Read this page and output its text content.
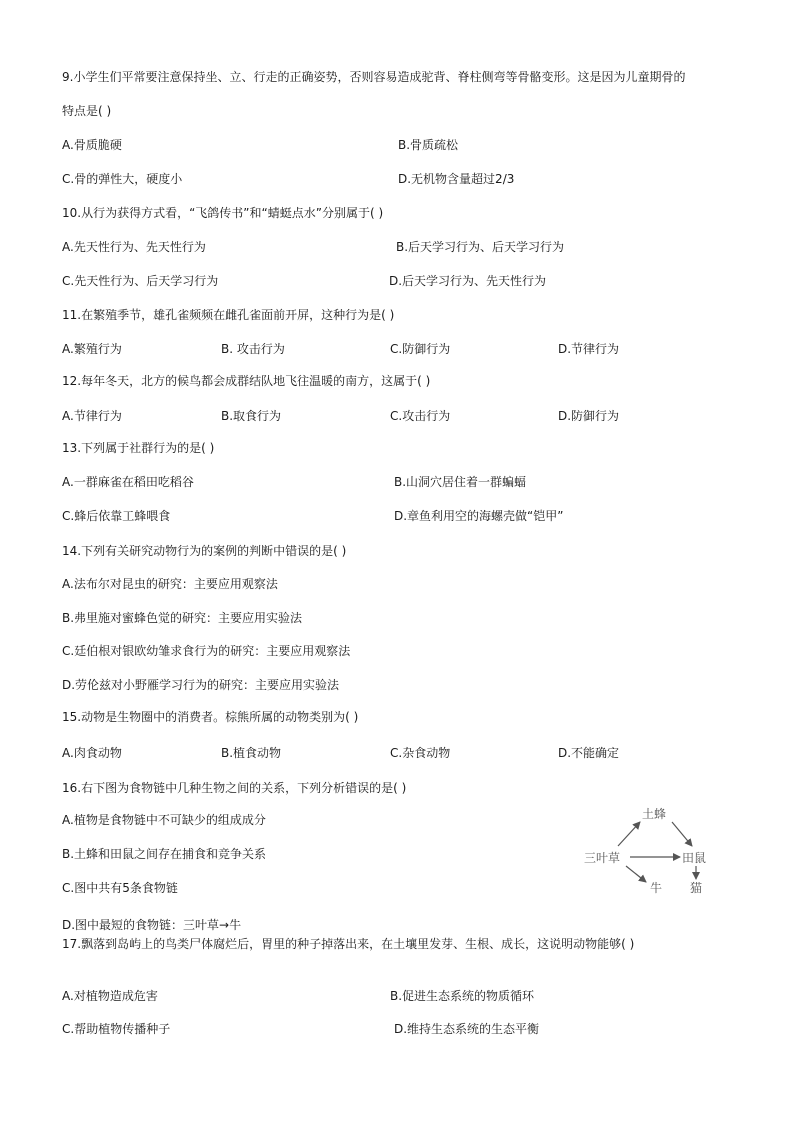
9.小学生们平常要注意保持坐、立、行走的正确姿势，否则容易造成驼背、脊柱侧弯等骨骼变形。这是因为儿童期骨的
特点是( )
A.骨质脆硬	B.骨质疏松
C.骨的弹性大，硬度小	D.无机物含量超过2/3
10.从行为获得方式看，“飞鸽传书”和“蜻蜓点水”分别属于( )
A.先天性行为、先天性行为	B.后天学习行为、后天学习行为
C.先天性行为、后天学习行为	D.后天学习行为、先天性行为
11.在繁殖季节，雄孔雀频频在雌孔雀面前开屏，这种行为是( )
A.繁殖行为	B. 攻击行为	C.防御行为	D.节律行为
12.每年冬天，北方的候鸟都会成群结队地飞往温暖的南方，这属于( )
A.节律行为	B.取食行为	C.攻击行为	D.防御行为
13.下列属于社群行为的是( )
A.一群麻雀在稻田吃稻谷	B.山洞穴居住着一群蝙蝠
C.蜂后依靠工蜂喂食	D.章鱼利用空的海螺壳做“铠甲”
14.下列有关研究动物行为的案例的判断中错误的是( )
A.法布尔对昆虫的研究：主要应用观察法
B.弗里施对蜜蜂色觉的研究：主要应用实验法
C.廷伯根对银欧幼雏求食行为的研究：主要应用观察法
D.劳伦兹对小野雁学习行为的研究：主要应用实验法
15.动物是生物圈中的消费者。棕熊所属的动物类别为( )
A.肉食动物	B.植食动物	C.杂食动物	D.不能确定
16.右下图为食物链中几种生物之间的关系，下列分析错误的是( )
A.植物是食物链中不可缺少的组成成分
B.土蜂和田鼠之间存在捕食和竞争关系
C.图中共有5条食物链
D.图中最短的食物链：三叶草→牛
土蜂
三叶草	田鼠
牛 猫
17.飘落到岛屿上的鸟类尸体腐烂后，胃里的种子掉落出来，在土壤里发芽、生根、成长，这说明动物能够( )
A.对植物造成危害	B.促进生态系统的物质循环
C.帮助植物传播种子	D.维持生态系统的生态平衡
